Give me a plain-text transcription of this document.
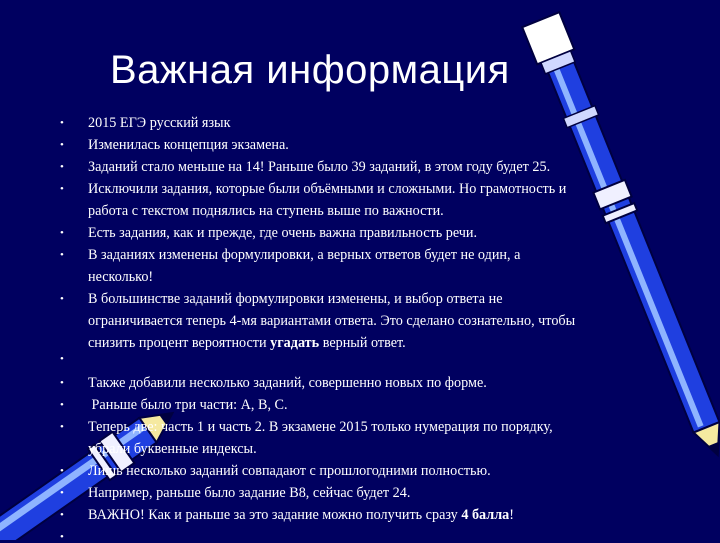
Важная информация
•
•
•
•
•
•
•
•
•
•
•
•
•
•
•
2015 ЕГЭ русский язык
Изменилась концепция экзамена.
Заданий стало меньше на 14! Раньше было 39 заданий, в этом году будет 25.
Исключили задания, которые были объёмными и сложными. Но грамотность и
работа с текстом поднялись на ступень выше по важности.
Есть задания, как и прежде, где очень важна правильность речи.
В заданиях изменены формулировки, а верных ответов будет не один, а
несколько!
В большинстве заданий формулировки изменены, и выбор ответа не
ограничивается теперь 4-мя вариантами ответа. Это сделано сознательно, чтобы
снизить процент вероятности угадать верный ответ.
Также добавили несколько заданий, совершенно новых по форме.
Раньше было три части: А, В, С.
Теперь две: часть 1 и часть 2. В экзамене 2015 только нумерация по порядку,
убрали буквенные индексы.
Лишь несколько заданий совпадают с прошлогодними полностью.
Например, раньше было задание В8, сейчас будет 24.
ВАЖНО! Как и раньше за это задание можно получить сразу 4 балла!
